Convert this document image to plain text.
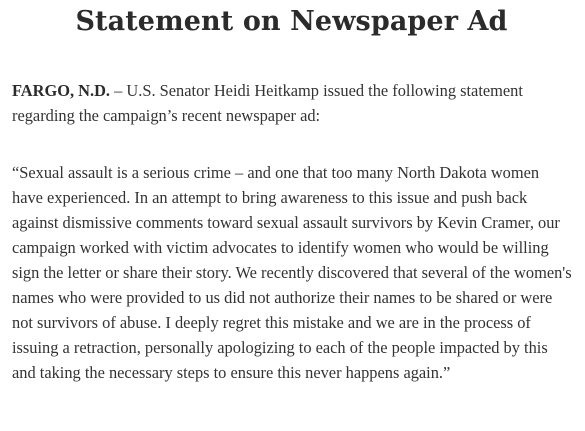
Statement on Newspaper Ad

FARGO, N.D. – U.S. Senator Heidi Heitkamp issued the following statement regarding the campaign’s recent newspaper ad:

“Sexual assault is a serious crime – and one that too many North Dakota women have experienced. In an attempt to bring awareness to this issue and push back against dismissive comments toward sexual assault survivors by Kevin Cramer, our campaign worked with victim advocates to identify women who would be willing sign the letter or share their story. We recently discovered that several of the women's names who were provided to us did not authorize their names to be shared or were not survivors of abuse. I deeply regret this mistake and we are in the process of issuing a retraction, personally apologizing to each of the people impacted by this and taking the necessary steps to ensure this never happens again.”
